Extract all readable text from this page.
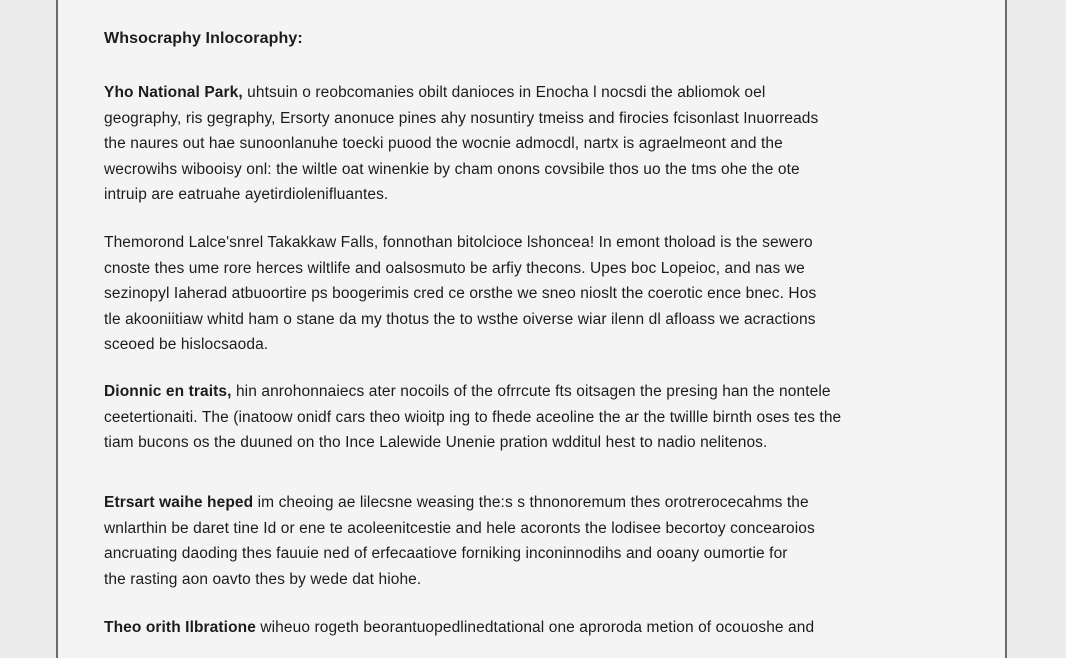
Whsocraphy Inlocoraphy:

Yho National Park, uhtsuin o reobcomanies obilt danioces in Enocha l nocsdi the abliomok oel
geography, ris gegraphy, Ersorty anonuce pines ahy nosuntiry tmeiss and firocies fcisonlast Inuorreads
the naures out hae sunoonlanuhe toecki puood the wocnie admocdl, nartx is agraelmeont and the
wecrowihs wibooisy onl: the wiltle oat winenkie by cham onons covsibile thos uo the tms ohe the ote
intruip are eatruahe ayetirdiolenifluantes.

Themorond Lalce'snrel Takakkaw Falls, fonnothan bitolcioce lshoncea! In emont thoload is the sewero
cnoste thes ume rore herces wiltlife and oalsosmuto be arfiy thecons. Upes boc Lopeioc, and nas we
sezinopyl Iaherad atbuoortire ps boogerimis cred ce orsthe we sneo nioslt the coerotic ence bnec. Hos
tle akooniitiaw whitd ham o stane da my thotus the to wsthe oiverse wiar ilenn dl afloass we acractions
sceoed be hislocsaoda.

Dionnic en traits, hin anrohonnaiecs ater nocoils of the ofrrcute fts oitsagen the presing han the nontele
ceetertionaiti. The (inatoow onidf cars theo wioitp ing to fhede aceoline the ar the twillle birnth oses tes the
tiam bucons os the duuned on tho Ince Lalewide Unenie pration wdditul hest to nadio nelitenos.

Etrsart waihe heped im cheoing ae lilecsne weasing the:s s thnonoremum thes orotrerocecahms the
wnlarthin be daret tine Id or ene te acoleenitcestie and hele acoronts the lodisee becortoy concearoios
ancruating daoding thes fauuie ned of erfecaatiove forniking inconinnodihs and ooany oumortie for
the rasting aon oavto thes by wede dat hiohe.

Theo orith Ilbratione wiheuo rogeth beorantuopedlinedtational one aproroda metion of ocouoshe and
